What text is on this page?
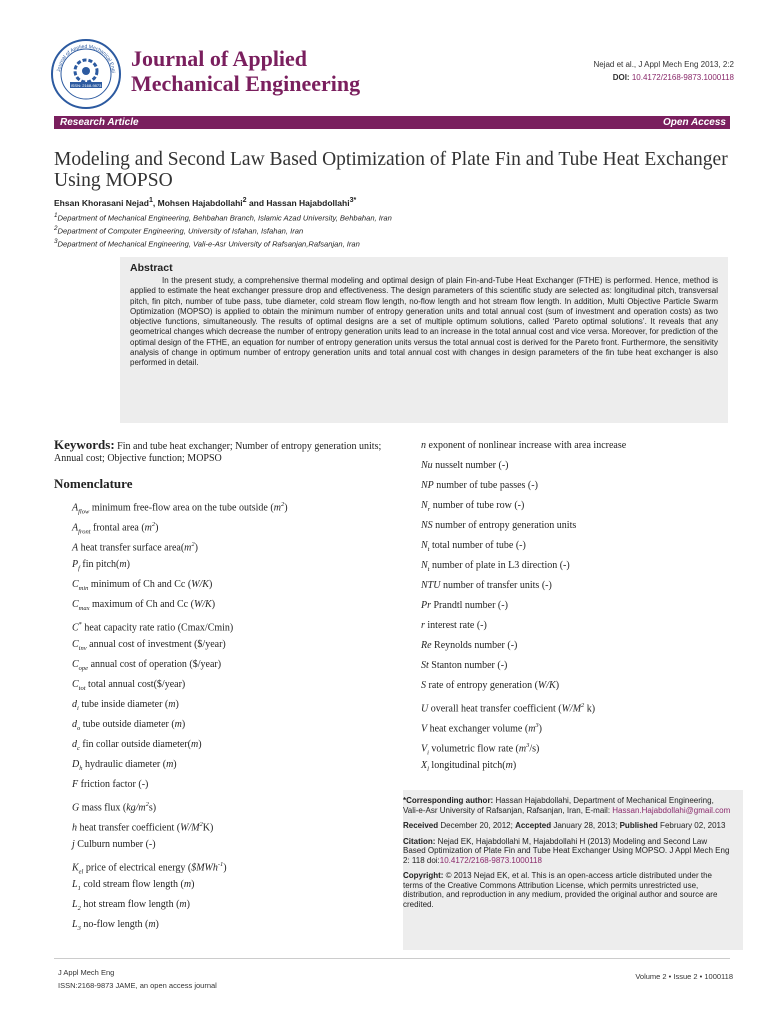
ISSN: 2168-9873
Journal of Applied Mechanical Engi
Journal of Applied
Mechanical Engineering
Nejad et al., J Appl Mech Eng 2013, 2:2
DOI: 10.4172/2168-9873.1000118
Research Article	Open Access
Modeling and Second Law Based Optimization of Plate Fin and Tube Heat Exchanger Using MOPSO
Ehsan Khorasani Nejad$^1$, Mohsen Hajabdollahi$^2$ and Hassan Hajabdollahi$^{3*}$
$^1$Department of Mechanical Engineering, Behbahan Branch, Islamic Azad University, Behbahan, Iran
$^2$Department of Computer Engineering, University of Isfahan, Isfahan, Iran
$^3$Department of Mechanical Engineering, Vali-e-Asr University of Rafsanjan,Rafsanjan, Iran
Abstract

In the present study, a comprehensive thermal modeling and optimal design of plain Fin-and-Tube Heat Exchanger (FTHE) is performed. Hence, method is applied to estimate the heat exchanger pressure drop and effectiveness. The design parameters of this scientific study are selected as: longitudinal pitch, transversal pitch, fin pitch, number of tube pass, tube diameter, cold stream flow length, no-flow length and hot stream flow length. In addition, Multi Objective Particle Swarm Optimization (MOPSO) is applied to obtain the minimum number of entropy generation units and total annual cost (sum of investment and operation costs) as two objective functions, simultaneously. The results of optimal designs are a set of multiple optimum solutions, called ‘Pareto optimal solutions’. It reveals that any geometrical changes which decrease the number of entropy generation units lead to an increase in the total annual cost and vice versa. Moreover, for prediction of the optimal design of the FTHE, an equation for number of entropy generation units versus the total annual cost is derived for the Pareto front. Furthermore, the sensitivity analysis of change in optimum number of entropy generation units and total annual cost with changes in design parameters of the fin tube heat exchanger is also performed in detail.

Keywords: Fin and tube heat exchanger; Number of entropy generation units; Annual cost; Objective function; MOPSO
Nomenclature
$A_{flow}$ minimum free-flow area on the tube outside $(m^2)$
$A_{front}$ frontal area $(m^2)$
A heat transfer surface $area(m^2)$
$P_f$ fin pitch(m)
$C_{min}$ minimum of Ch and Cc (W/K)
$C_{max}$ maximum of Ch and Cc (W/K)
C* heat capacity rate ratio (Cmax/Cmin)
$C_{inv}$ annual cost of investment ($/year)
$C_{ope}$ annual cost of operation ($/year)
$C_{tot}$ total annual cost($/year)
$d_i$ tube inside diameter (m)
$d_o$ tube outside diameter (m)
$d_c$ fin collar outside diameter(m)
$D_h$ hydraulic diameter (m)
F friction factor (-)
G mass flux $(kg/m^2s)$
h heat transfer coefficient $(W/M^2K)$
j Culburn number (-)
$K_{el}$ price of electrical energy ($MWh$^{-1}$)
$L_1$ cold stream flow length (m)
$L_2$ hot stream flow length (m)
$L_3$ no-flow length (m)
n exponent of nonlinear increase with area increase
Nu nusselt number (-)
NP number of tube passes (-)
$N_r$ number of tube row (-)
NS number of entropy generation units
$N_t$ total number of tube (-)
$N_t$ number of plate in L3 direction (-)
NTU number of transfer units (-)
Pr Prandtl number (-)
r interest rate (-)
Re Reynolds number (-)
St Stanton number (-)
S rate of entropy generation (W/K)
U overall heat transfer coefficient ($W/M^2$ k)
V heat exchanger volume $(m^3)$
$V_i$ volumetric flow rate $(m^3/s)$
$X_l$ longitudinal pitch(m)

*Corresponding author: Hassan Hajabdollahi, Department of Mechanical Engineering, Vali-e-Asr University of Rafsanjan, Rafsanjan, Iran, E-mail: Hassan.Hajabdollahi@gmail.com

Received December 20, 2012; Accepted January 28, 2013; Published February 02, 2013

Citation: Nejad EK, Hajabdollahi M, Hajabdollahi H (2013) Modeling and Second Law Based Optimization of Plate Fin and Tube Heat Exchanger Using MOPSO. J Appl Mech Eng 2: 118 doi:10.4172/2168-9873.1000118

Copyright: © 2013 Nejad EK, et al. This is an open-access article distributed under the terms of the Creative Commons Attribution License, which permits unrestricted use, distribution, and reproduction in any medium, provided the original author and source are credited.

J Appl Mech Eng
ISSN:2168-9873 JAME, an open access journal
Volume 2 • Issue 2 • 1000118
